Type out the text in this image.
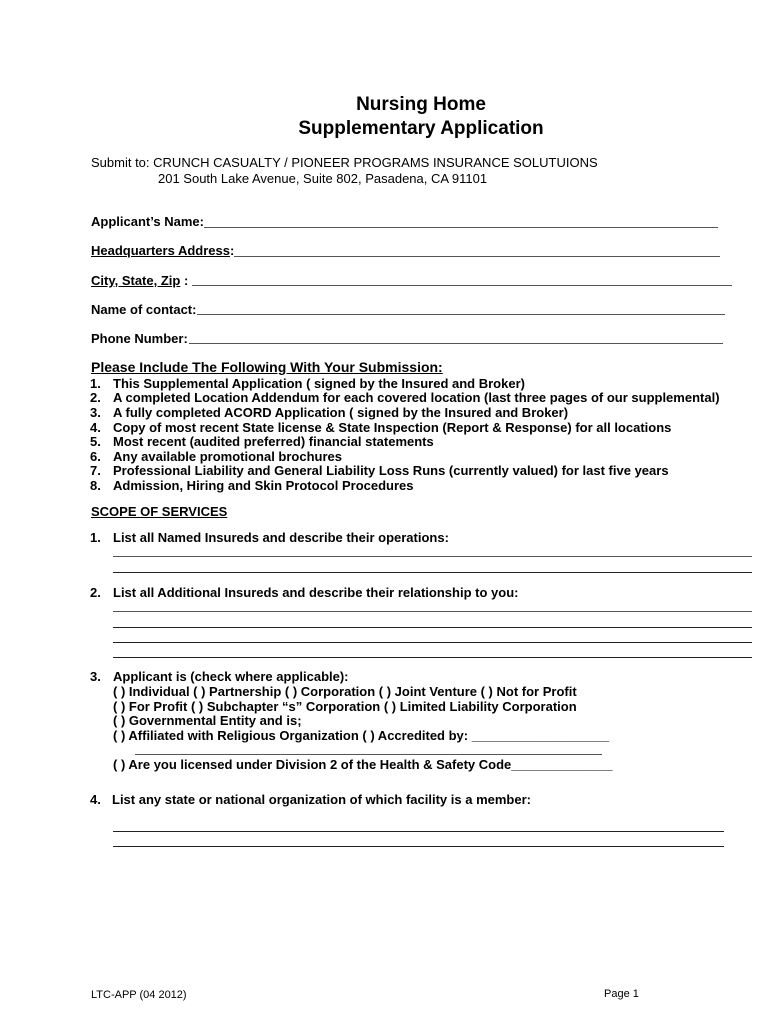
Nursing Home
Supplementary Application
Submit to: CRUNCH CASUALTY / PIONEER PROGRAMS INSURANCE SOLUTUIONS
201 South Lake Avenue, Suite 802, Pasadena, CA 91101
Applicant’s Name:
Headquarters Address:
City, State, Zip :
Name of contact:
Phone Number:
Please Include The Following With Your Submission:
1. This Supplemental Application ( signed by the Insured and Broker)
2. A completed Location Addendum for each covered location (last three pages of our supplemental)
3. A fully completed ACORD Application ( signed by the Insured and Broker)
4. Copy of most recent State license & State Inspection (Report & Response) for all locations
5. Most recent (audited preferred) financial statements
6. Any available promotional brochures
7. Professional Liability and General Liability Loss Runs (currently valued) for last five years
8. Admission, Hiring and Skin Protocol Procedures
SCOPE OF SERVICES
1. List all Named Insureds and describe their operations:
2. List all Additional Insureds and describe their relationship to you:
3. Applicant is (check where applicable):
( ) Individual ( ) Partnership ( ) Corporation ( ) Joint Venture ( ) Not for Profit
( ) For Profit ( ) Subchapter “s” Corporation ( ) Limited Liability Corporation
( ) Governmental Entity and is;
( ) Affiliated with Religious Organization ( ) Accredited by: ___________________
( ) Are you licensed under Division 2 of the Health & Safety Code______________
4. List any state or national organization of which facility is a member:
LTC-APP (04 2012)	Page 1
